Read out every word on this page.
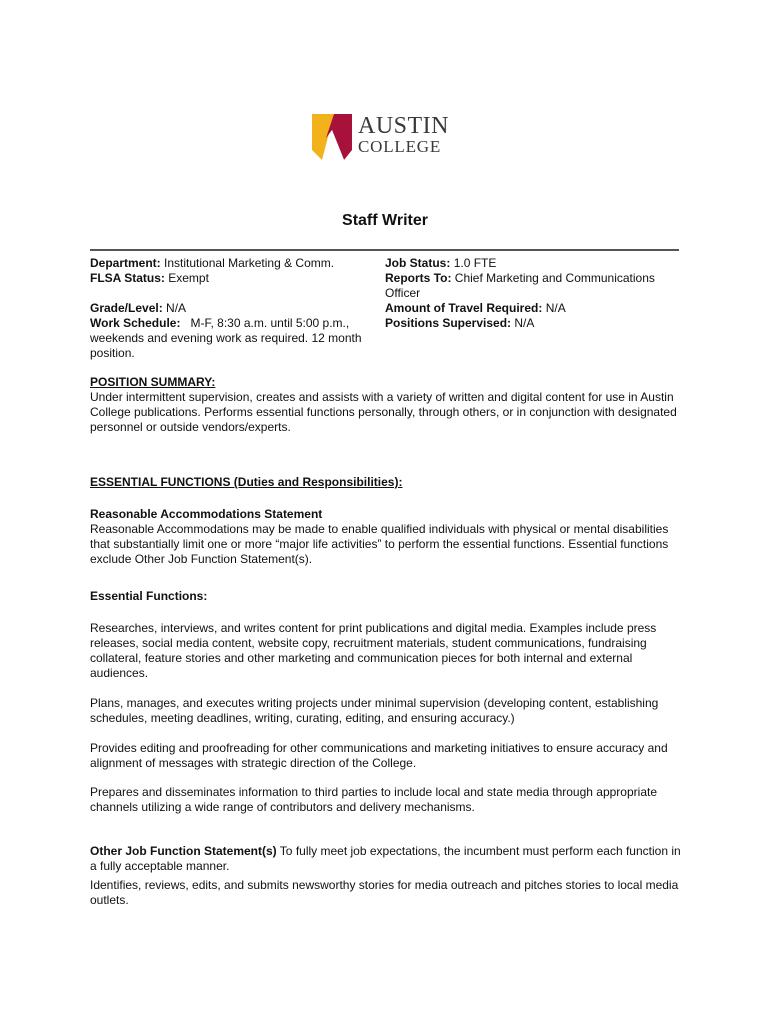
AUSTIN
COLLEGE
Staff Writer

Department: Institutional Marketing & Comm.

FLSA Status: Exempt

Grade/Level: N/A

Work Schedule: M-F, 8:30 a.m. until 5:00 p.m., weekends and evening work as required. 12 month position.

Job Status: 1.0 FTE

Reports To: Chief Marketing and Communications Officer

Amount of Travel Required: N/A

Positions Supervised: N/A

POSITION SUMMARY:

Under intermittent supervision, creates and assists with a variety of written and digital content for use in Austin College publications. Performs essential functions personally, through others, or in conjunction with designated personnel or outside vendors/experts.

ESSENTIAL FUNCTIONS (Duties and Responsibilities):

Reasonable Accommodations Statement

Reasonable Accommodations may be made to enable qualified individuals with physical or mental disabilities that substantially limit one or more “major life activities” to perform the essential functions. Essential functions exclude Other Job Function Statement(s).

Essential Functions:

Researches, interviews, and writes content for print publications and digital media. Examples include press releases, social media content, website copy, recruitment materials, student communications, fundraising collateral, feature stories and other marketing and communication pieces for both internal and external audiences.

Plans, manages, and executes writing projects under minimal supervision (developing content, establishing schedules, meeting deadlines, writing, curating, editing, and ensuring accuracy.)

Provides editing and proofreading for other communications and marketing initiatives to ensure accuracy and alignment of messages with strategic direction of the College.

Prepares and disseminates information to third parties to include local and state media through appropriate channels utilizing a wide range of contributors and delivery mechanisms.

Other Job Function Statement(s) To fully meet job expectations, the incumbent must perform each function in a fully acceptable manner.

Identifies, reviews, edits, and submits newsworthy stories for media outreach and pitches stories to local media outlets.
